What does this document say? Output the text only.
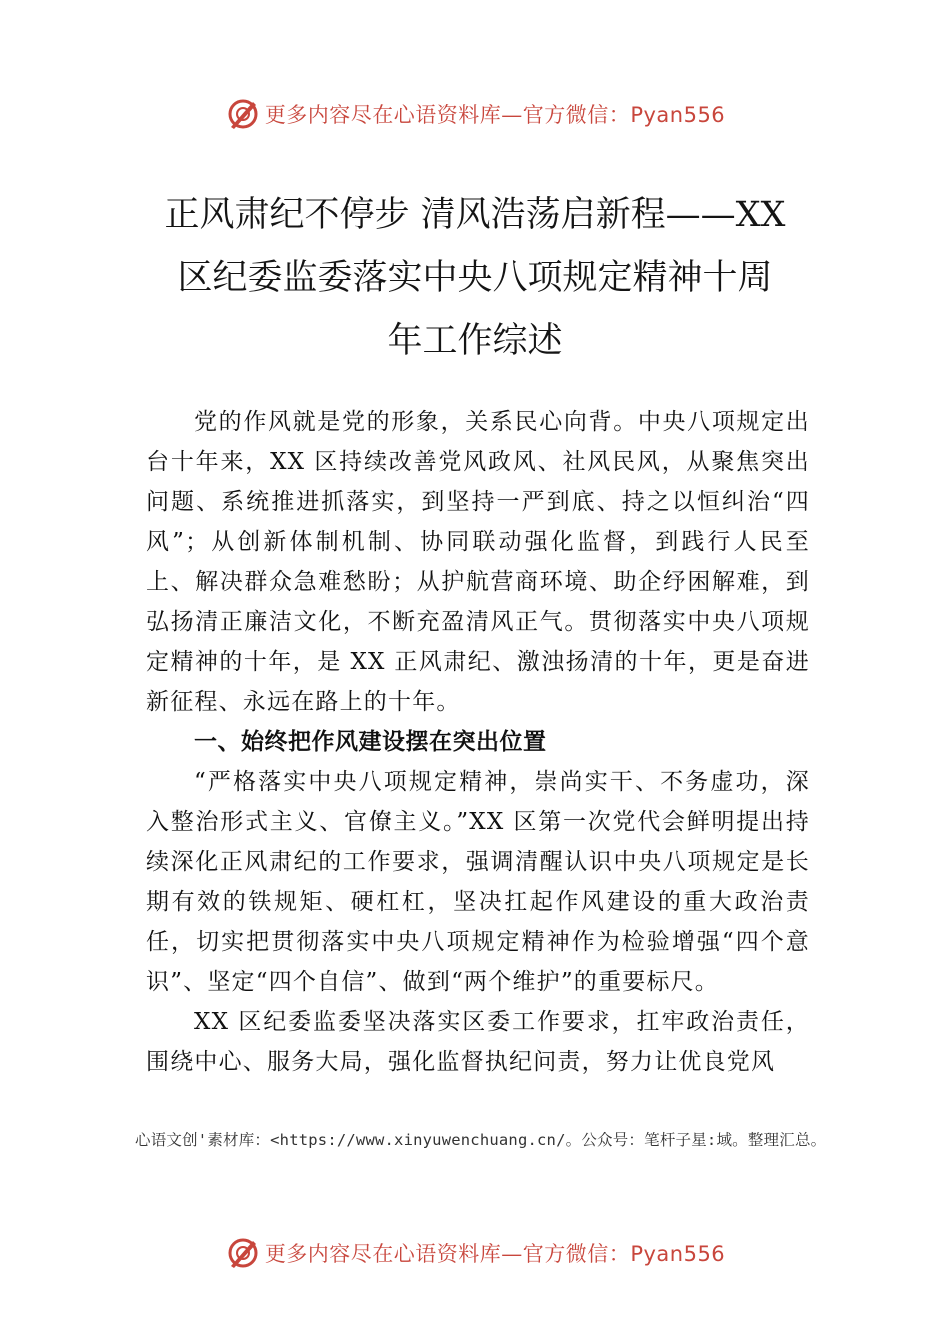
更多内容尽在心语资料库—官方微信：Pyan556
正风肃纪不停步 清风浩荡启新程——XX
区纪委监委落实中央八项规定精神十周
年工作综述

党的作风就是党的形象，关系民心向背。中央八项规定出台十年来，XX 区持续改善党风政风、社风民风，从聚焦突出问题、系统推进抓落实，到坚持一严到底、持之以恒纠治“四风”；从创新体制机制、协同联动强化监督，到践行人民至上、解决群众急难愁盼；从护航营商环境、助企纾困解难，到弘扬清正廉洁文化，不断充盈清风正气。贯彻落实中央八项规定精神的十年，是 XX 正风肃纪、激浊扬清的十年，更是奋进新征程、永远在路上的十年。

一、始终把作风建设摆在突出位置

“严格落实中央八项规定精神，崇尚实干、不务虚功，深入整治形式主义、官僚主义。”XX 区第一次党代会鲜明提出持续深化正风肃纪的工作要求，强调清醒认识中央八项规定是长期有效的铁规矩、硬杠杠，坚决扛起作风建设的重大政治责任，切实把贯彻落实中央八项规定精神作为检验增强“四个意识”、坚定“四个自信”、做到“两个维护”的重要标尺。

XX 区纪委监委坚决落实区委工作要求，扛牢政治责任，围绕中心、服务大局，强化监督执纪问责，努力让优良党风

心语文创'素材库：<https://www.xinyuwenchuang.cn/。公众号：笔杆子星:域。整理汇总。
更多内容尽在心语资料库—官方微信：Pyan556
